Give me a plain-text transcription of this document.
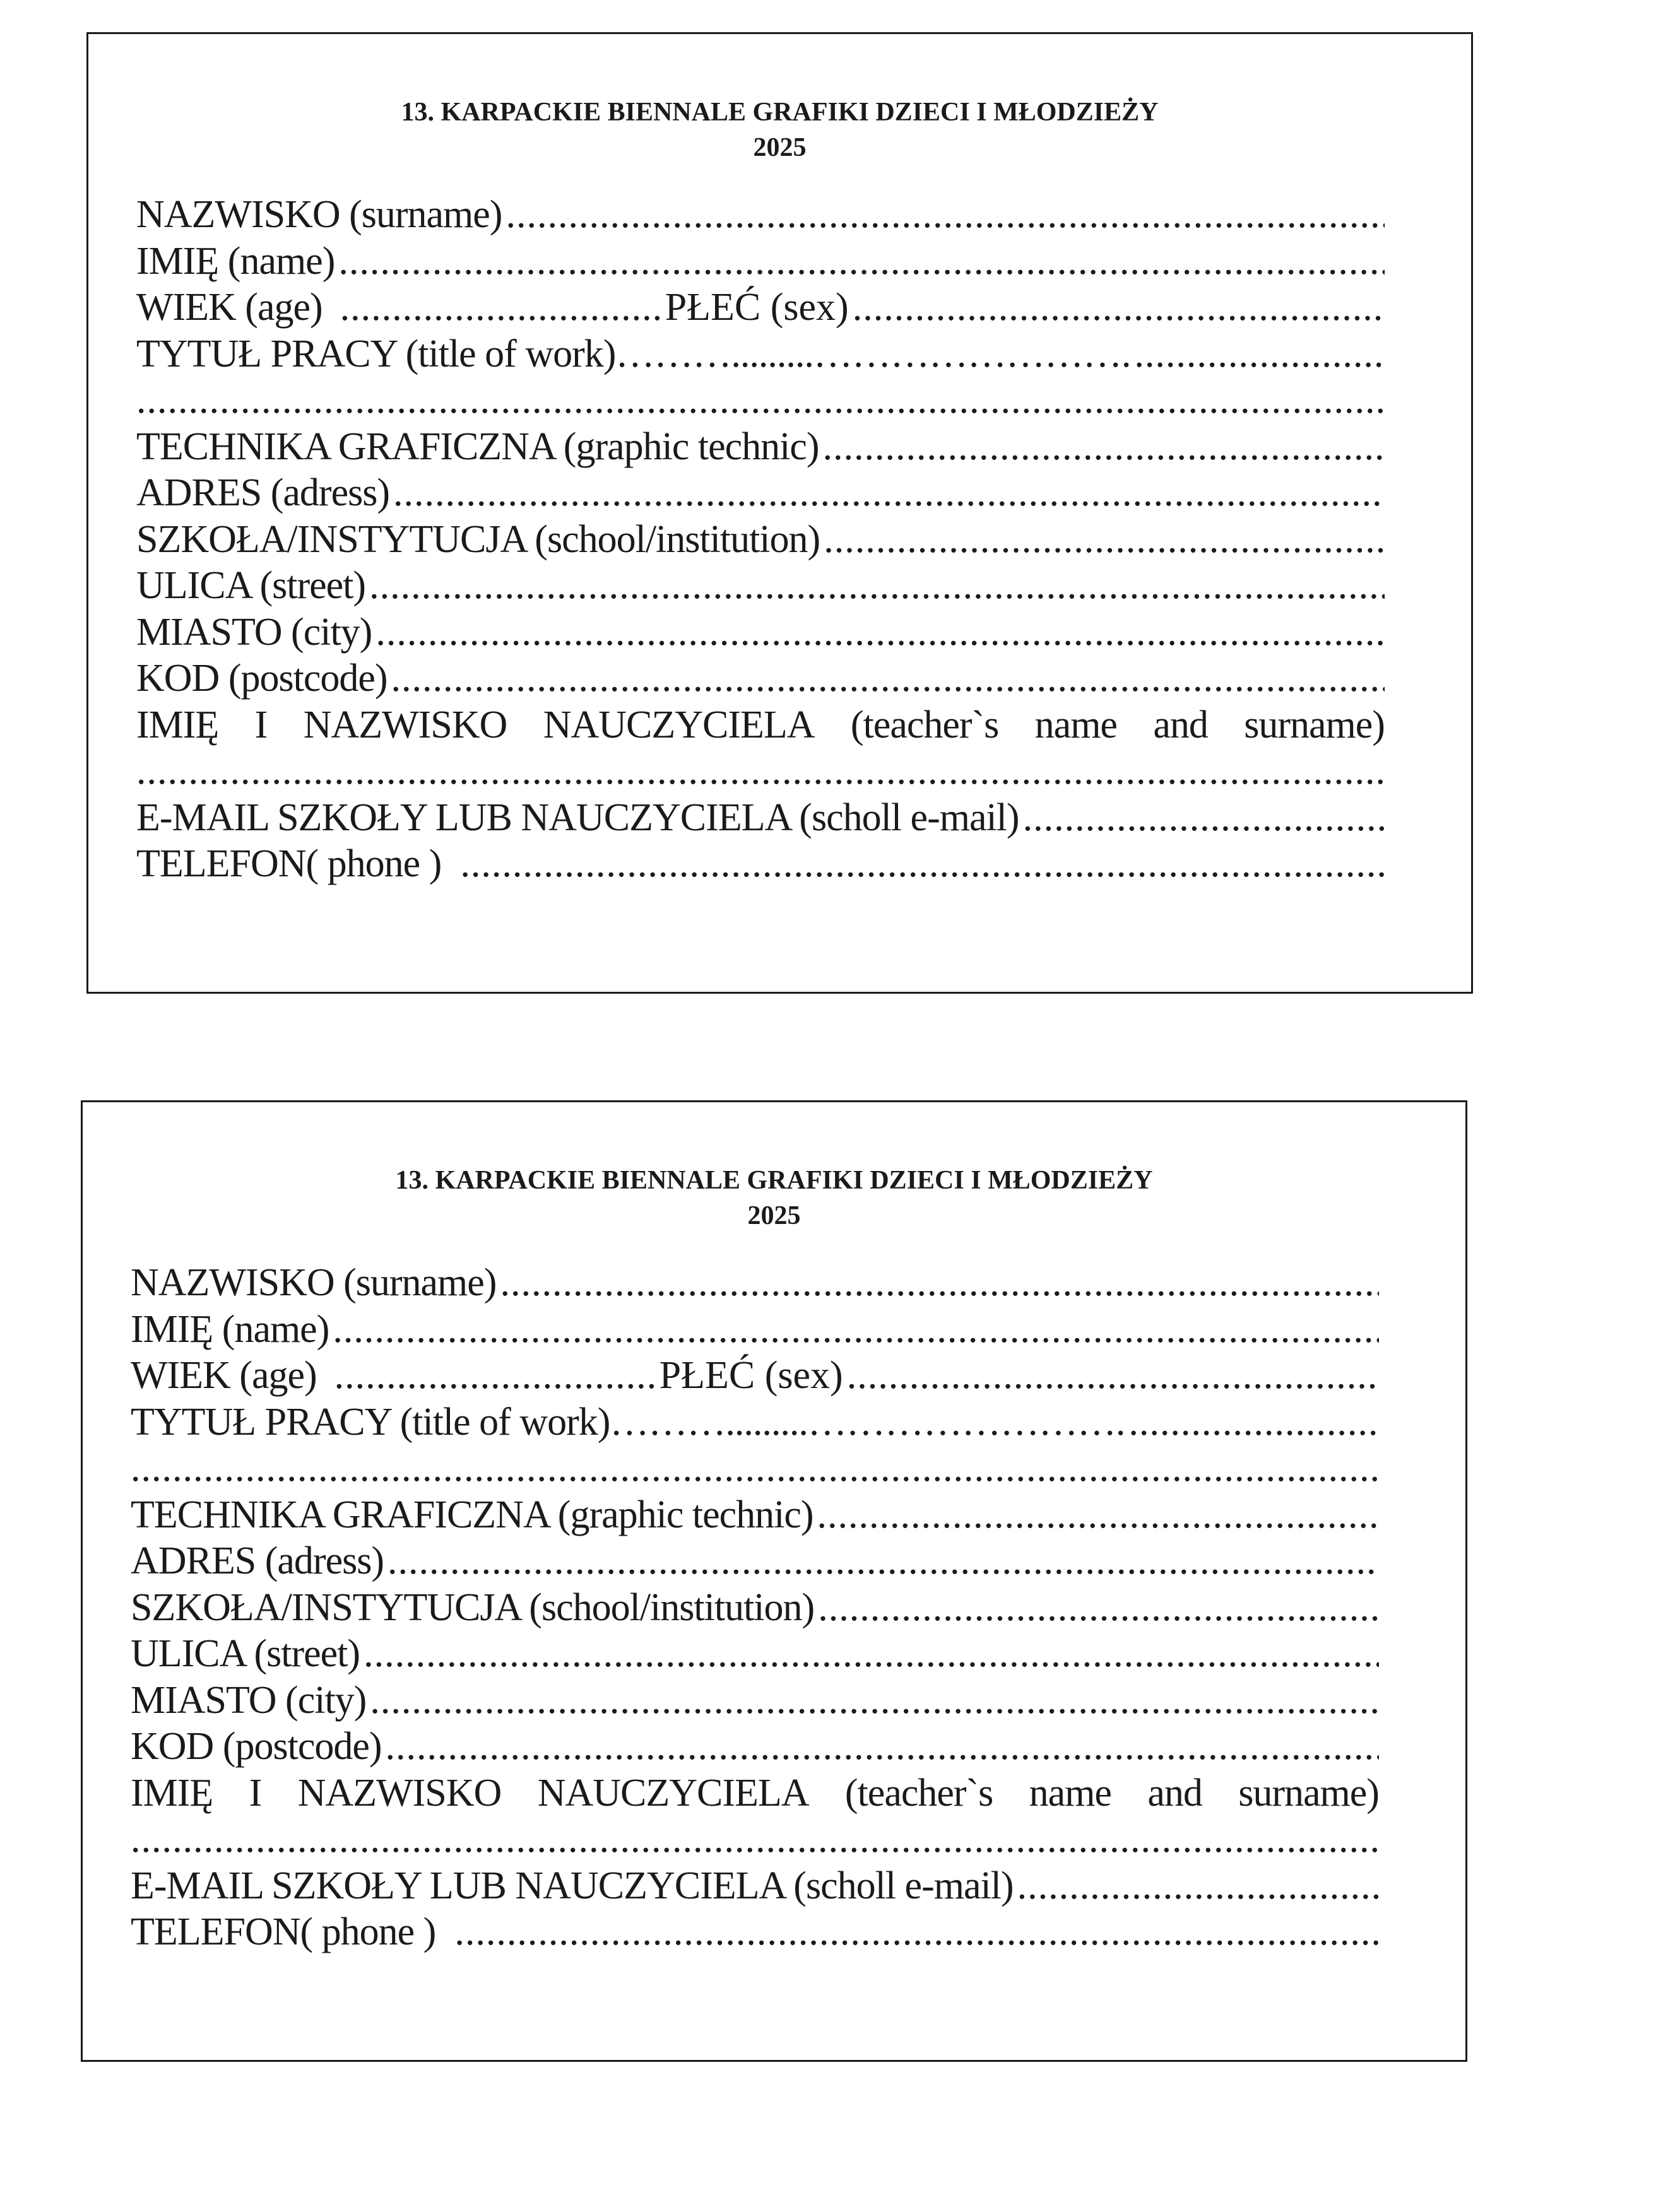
13. KARPACKIE BIENNALE GRAFIKI DZIECI I MŁODZIEŻY
2025
NAZWISKO (surname)
.....
IMIĘ (name)
.....
WIEK (age) .....	PŁEĆ (sex)
.....
TYTUŁ PRACY (title of work)……….........…………………….
.....
.....
TECHNIKA GRAFICZNA (graphic technic)
.....
ADRES (adress)
.....
SZKOŁA/INSTYTUCJA (school/institution)
.....
ULICA (street)
.....
MIASTO (city)
.....
KOD (postcode)
.....
IMIĘ I NAZWISKO NAUCZYCIELA (teacher`s name and surname)
.....
E-MAIL SZKOŁY LUB NAUCZYCIELA (scholl e-mail)
.....
TELEFON( phone )
.....
13. KARPACKIE BIENNALE GRAFIKI DZIECI I MŁODZIEŻY
2025
NAZWISKO (surname)
.....
IMIĘ (name)
.....
WIEK (age) .....	PŁEĆ (sex)
.....
TYTUŁ PRACY (title of work)……….........…………………….
.....
.....
TECHNIKA GRAFICZNA (graphic technic)
.....
ADRES (adress)
.....
SZKOŁA/INSTYTUCJA (school/institution)
.....
ULICA (street)
.....
MIASTO (city)
.....
KOD (postcode)
.....
IMIĘ I NAZWISKO NAUCZYCIELA (teacher`s name and surname)
.....
E-MAIL SZKOŁY LUB NAUCZYCIELA (scholl e-mail)
.....
TELEFON( phone )
.....
